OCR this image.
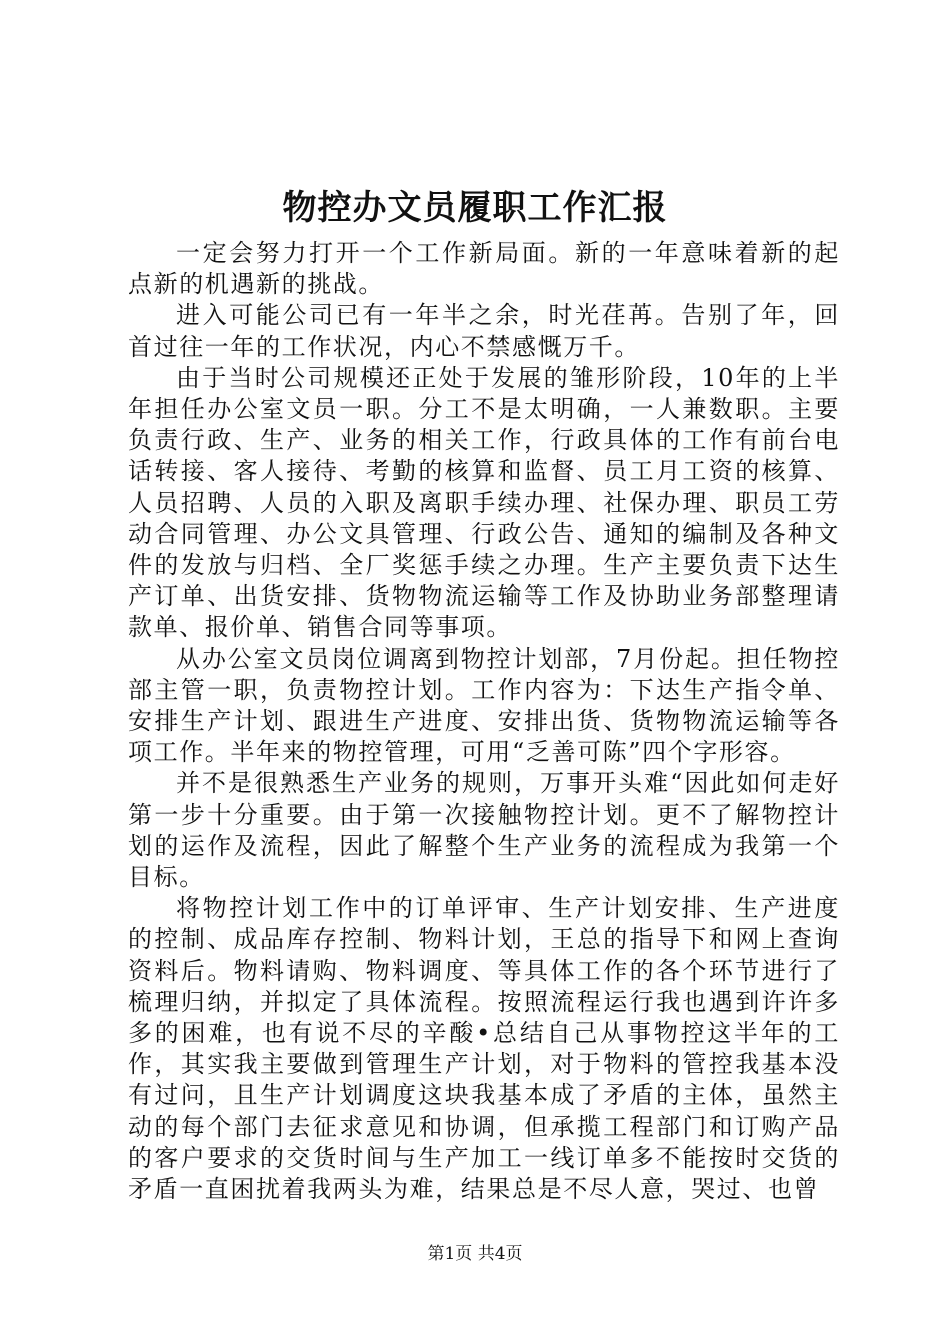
物控办文员履职工作汇报

一定会努力打开一个工作新局面。新的一年意味着新的起点新的机遇新的挑战。

进入可能公司已有一年半之余，时光荏苒。告别了年，回首过往一年的工作状况，内心不禁感慨万千。

由于当时公司规模还正处于发展的雏形阶段，10年的上半年担任办公室文员一职。分工不是太明确，一人兼数职。主要负责行政、生产、业务的相关工作，行政具体的工作有前台电话转接、客人接待、考勤的核算和监督、员工月工资的核算、人员招聘、人员的入职及离职手续办理、社保办理、职员工劳动合同管理、办公文具管理、行政公告、通知的编制及各种文件的发放与归档、全厂奖惩手续之办理。生产主要负责下达生产订单、出货安排、货物物流运输等工作及协助业务部整理请款单、报价单、销售合同等事项。

从办公室文员岗位调离到物控计划部，7月份起。担任物控部主管一职，负责物控计划。工作内容为：下达生产指令单、安排生产计划、跟进生产进度、安排出货、货物物流运输等各项工作。半年来的物控管理，可用“乏善可陈”四个字形容。

并不是很熟悉生产业务的规则，万事开头难“因此如何走好第一步十分重要。由于第一次接触物控计划。更不了解物控计划的运作及流程，因此了解整个生产业务的流程成为我第一个目标。

将物控计划工作中的订单评审、生产计划安排、生产进度的控制、成品库存控制、物料计划，王总的指导下和网上查询资料后。物料请购、物料调度、等具体工作的各个环节进行了梳理归纳，并拟定了具体流程。按照流程运行我也遇到许许多多的困难，也有说不尽的辛酸•总结自己从事物控这半年的工作，其实我主要做到管理生产计划，对于物料的管控我基本没有过问，且生产计划调度这块我基本成了矛盾的主体，虽然主动的每个部门去征求意见和协调，但承揽工程部门和订购产品的客户要求的交货时间与生产加工一线订单多不能按时交货的矛盾一直困扰着我两头为难，结果总是不尽人意，哭过、也曾

第1页 共4页
